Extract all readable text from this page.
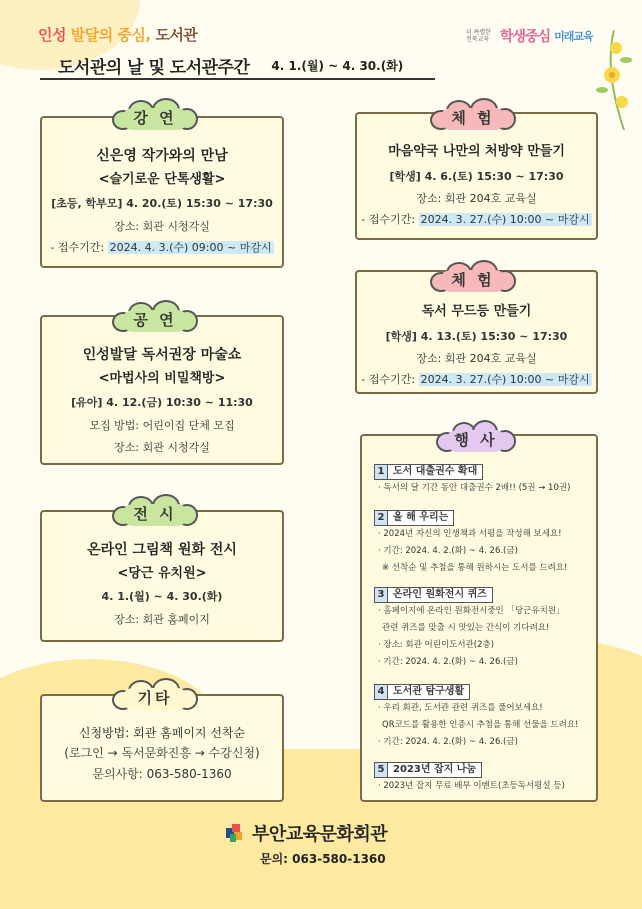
인성 발달의 중심, 도서관	더 특별한 전북교육 학생중심 미래교육
도서관의 날 및 도서관주간 4. 1.(월) ~ 4. 30.(화)
신은영 작가와의 만남
<슬기로운 단톡생활>
[초등, 학부모] 4. 20.(토) 15:30 ~ 17:30
장소: 회관 시청각실
- 접수기간: 2024. 4. 3.(수) 09:00 ~ 마감시
강 연
인성발달 독서권장 마술쇼
<마법사의 비밀책방>
[유아] 4. 12.(금) 10:30 ~ 11:30
모집 방법: 어린이집 단체 모집
장소: 회관 시청각실
공 연
온라인 그림책 원화 전시
<당근 유치원>
4. 1.(월) ~ 4. 30.(화)
장소: 회관 홈페이지
전 시
신청방법: 회관 홈페이지 선착순
(로그인 → 독서문화진흥 → 수강신청)
문의사항: 063-580-1360
기타
마음약국 나만의 처방약 만들기
[학생] 4. 6.(토) 15:30 ~ 17:30
장소: 회관 204호 교육실
- 접수기간: 2024. 3. 27.(수) 10:00 ~ 마감시
체 험
독서 무드등 만들기
[학생] 4. 13.(토) 15:30 ~ 17:30
장소: 회관 204호 교육실
- 접수기간: 2024. 3. 27.(수) 10:00 ~ 마감시
체 험
1 도서 대출권수 확대
· 독서의 달 기간 동안 대출권수 2배!! (5권 → 10권)
2 올 해 우리는
· 2024년 자신의 인생책과 서평을 작성해 보세요!
· 기간: 2024. 4. 2.(화) ~ 4. 26.(금)
※ 선착순 및 추첨을 통해 원하시는 도서를 드려요!
3 온라인 원화전시 퀴즈
· 홈페이지에 온라인 원화전시중인 「당근유치원」
관련 퀴즈를 맞출 시 맛있는 간식이 기다려요!
· 장소: 회관 어린이도서관(2층)
· 기간: 2024. 4. 2.(화) ~ 4. 26.(금)
4 도서관 탐구생활
· 우리 회관, 도서관 관련 퀴즈를 풀어보세요!
QR코드를 활용한 인증시 추첨을 통해 선물을 드려요!
· 기간: 2024. 4. 2.(화) ~ 4. 26.(금)
5 2023년 잡지 나눔
· 2023년 잡지 무료 배부 이벤트(초등독서평설 등)
행 사
부안교육문화회관
문의: 063-580-1360
